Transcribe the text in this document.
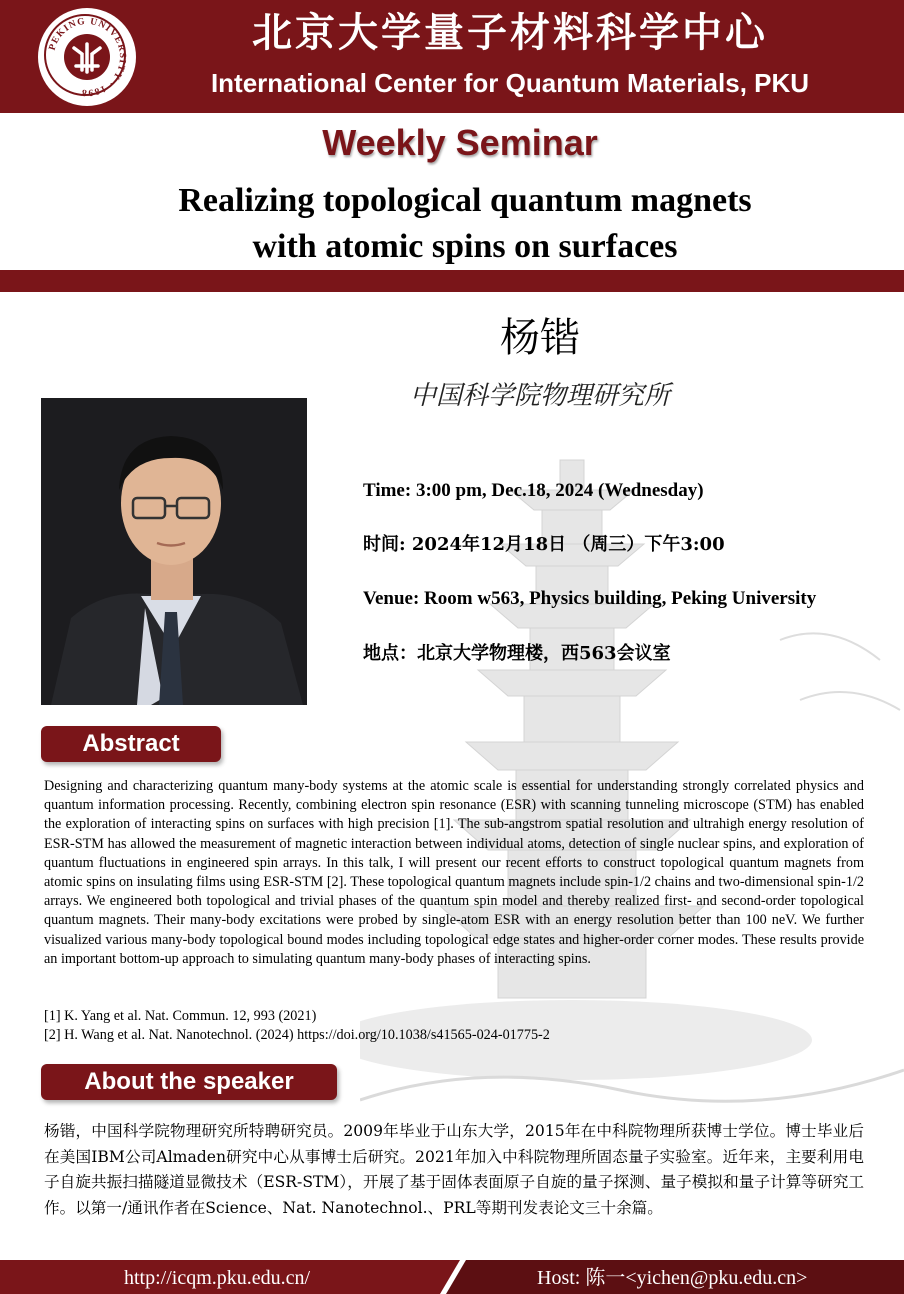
PEKING UNIVERSITY · 1898
北京大学量子材料科学中心
International Center for Quantum Materials, PKU
Weekly Seminar
Realizing topological quantum magnets
with atomic spins on surfaces
杨锴
中国科学院物理研究所
Time: 3:00 pm, Dec.18, 2024 (Wednesday)
时间: 2024年12月18日 （周三）下午3:00
Venue: Room w563, Physics building, Peking University
地点：北京大学物理楼，西563会议室
Abstract
Designing and characterizing quantum many-body systems at the atomic scale is essential for understanding strongly correlated physics and quantum information processing. Recently, combining electron spin resonance (ESR) with scanning tunneling microscope (STM) has enabled the exploration of interacting spins on surfaces with high precision [1]. The sub-angstrom spatial resolution and ultrahigh energy resolution of ESR-STM has allowed the measurement of magnetic interaction between individual atoms, detection of single nuclear spins, and exploration of quantum fluctuations in engineered spin arrays. In this talk, I will present our recent efforts to construct topological quantum magnets from atomic spins on insulating films using ESR-STM [2]. These topological quantum magnets include spin-1/2 chains and two-dimensional spin-1/2 arrays. We engineered both topological and trivial phases of the quantum spin model and thereby realized first- and second-order topological quantum magnets. Their many-body excitations were probed by single-atom ESR with an energy resolution better than 100 neV. We further visualized various many-body topological bound modes including topological edge states and higher-order corner modes. These results provide an important bottom-up approach to simulating quantum many-body phases of interacting spins.
[1] K. Yang et al. Nat. Commun. 12, 993 (2021)
[2] H. Wang et al. Nat. Nanotechnol. (2024) https://doi.org/10.1038/s41565-024-01775-2
About the speaker
杨锴，中国科学院物理研究所特聘研究员。2009年毕业于山东大学，2015年在中科院物理所获博士学位。博士毕业后在美国IBM公司Almaden研究中心从事博士后研究。2021年加入中科院物理所固态量子实验室。近年来，主要利用电子自旋共振扫描隧道显微技术（ESR-STM），开展了基于固体表面原子自旋的量子探测、量子模拟和量子计算等研究工作。以第一/通讯作者在Science、Nat. Nanotechnol.、PRL等期刊发表论文三十余篇。
http://icqm.pku.edu.cn/	Host: 陈一<yichen@pku.edu.cn>
